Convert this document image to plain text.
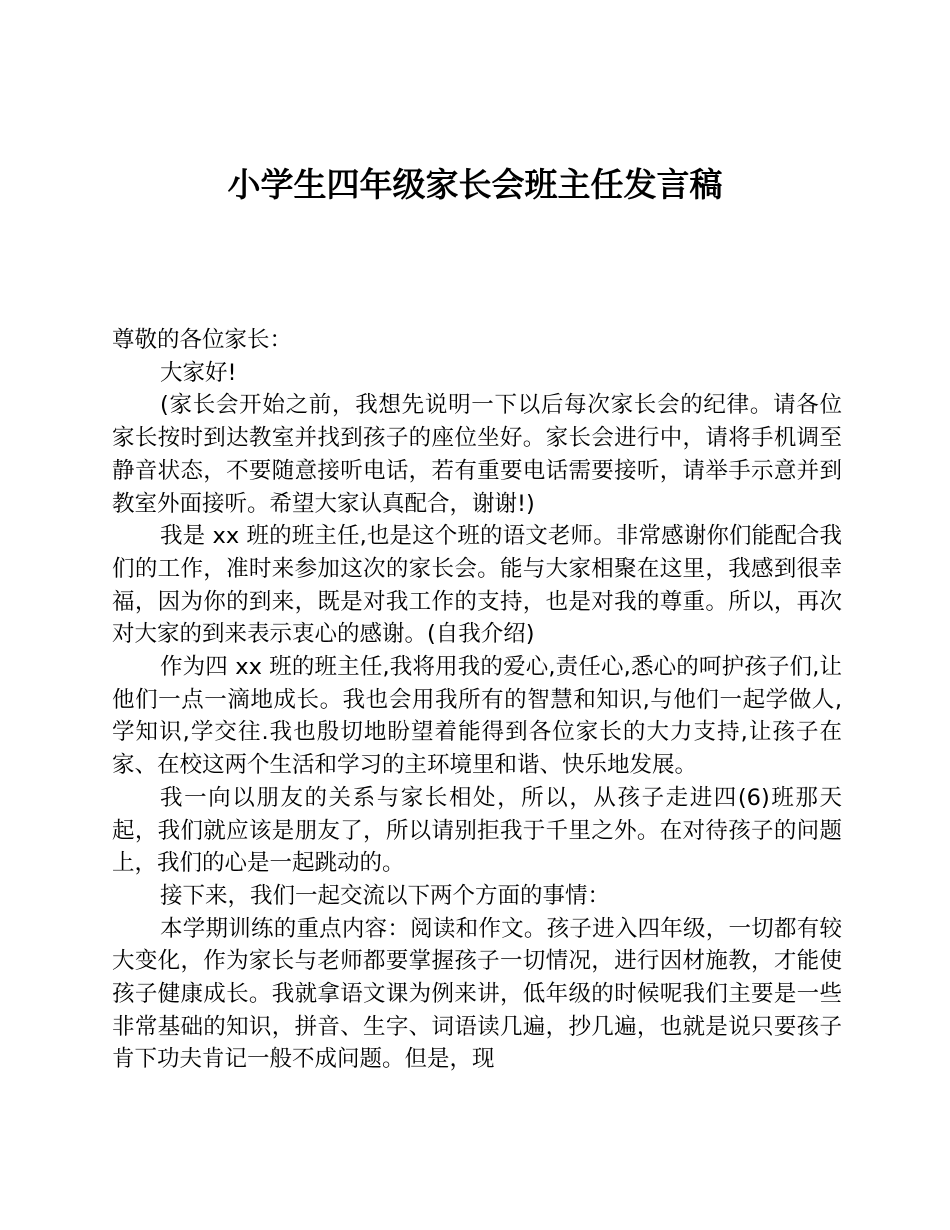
小学生四年级家长会班主任发言稿

尊敬的各位家长：

大家好!

(家长会开始之前，我想先说明一下以后每次家长会的纪律。请各位家长按时到达教室并找到孩子的座位坐好。家长会进行中，请将手机调至静音状态，不要随意接听电话，若有重要电话需要接听，请举手示意并到教室外面接听。希望大家认真配合，谢谢!)

我是 xx 班的班主任,也是这个班的语文老师。非常感谢你们能配合我们的工作，准时来参加这次的家长会。能与大家相聚在这里，我感到很幸福，因为你的到来，既是对我工作的支持，也是对我的尊重。所以，再次对大家的到来表示衷心的感谢。(自我介绍)

作为四 xx 班的班主任,我将用我的爱心,责任心,悉心的呵护孩子们,让他们一点一滴地成长。我也会用我所有的智慧和知识,与他们一起学做人,学知识,学交往.我也殷切地盼望着能得到各位家长的大力支持,让孩子在家、在校这两个生活和学习的主环境里和谐、快乐地发展。

我一向以朋友的关系与家长相处，所以，从孩子走进四(6)班那天起，我们就应该是朋友了，所以请别拒我于千里之外。在对待孩子的问题上，我们的心是一起跳动的。

接下来，我们一起交流以下两个方面的事情：

本学期训练的重点内容：阅读和作文。孩子进入四年级，一切都有较大变化，作为家长与老师都要掌握孩子一切情况，进行因材施教，才能使孩子健康成长。我就拿语文课为例来讲，低年级的时候呢我们主要是一些非常基础的知识，拼音、生字、词语读几遍，抄几遍，也就是说只要孩子肯下功夫肯记一般不成问题。但是，现
